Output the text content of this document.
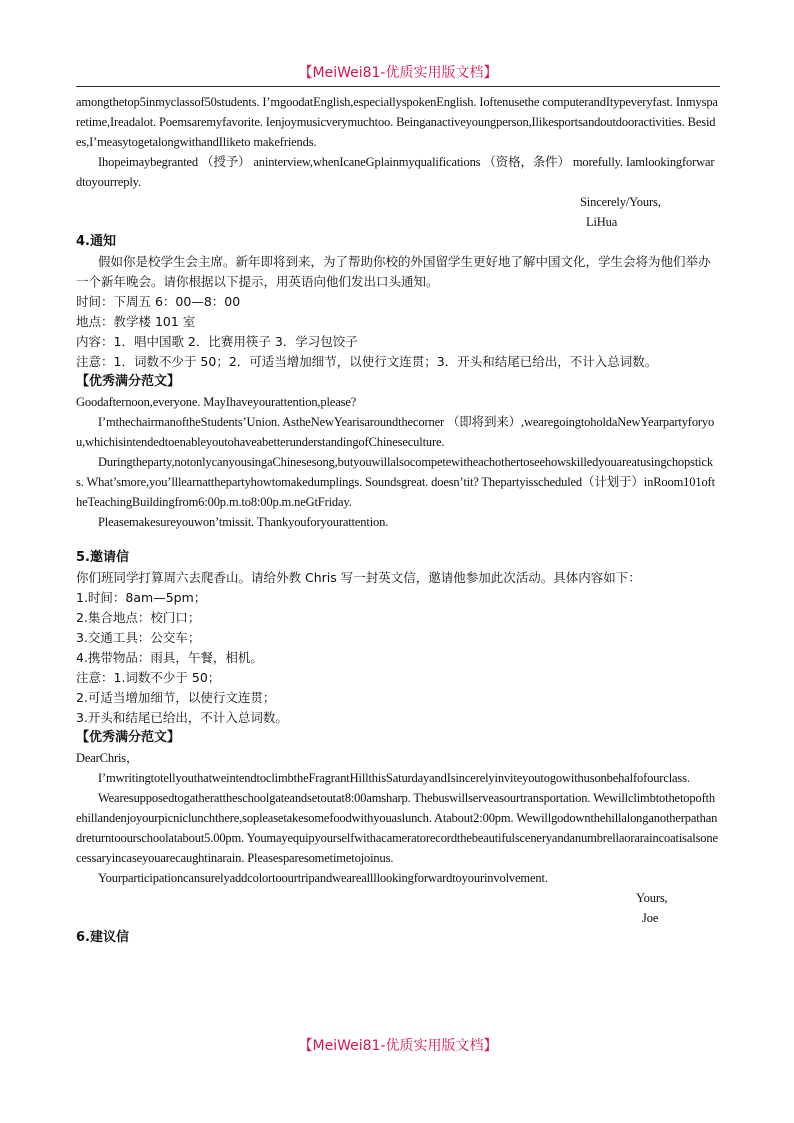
【MeiWei81-优质实用版文档】

amongthetop5inmyclassof50students. I’mgoodatEnglish,especiallyspokenEnglish. Ioftenusethe computerandItypeveryfast. Inmysparetime,Ireadalot. Poemsaremyfavorite. Ienjoymusicverymuchtoo. Beinganactiveyoungperson,Ilikesportsandoutdooractivities. Besides,I’measytogetalongwithandIliketo makefriends.

Ihopeimaybegranted （授予） aninterview,whenIcaneGplainmyqualifications （资格，条件） morefully. Iamlookingforwardtoyourreply.

Sincerely/Yours,

LiHua

4.通知

假如你是校学生会主席。新年即将到来，为了帮助你校的外国留学生更好地了解中国文化，学生会将为他们举办一个新年晚会。请你根据以下提示，用英语向他们发出口头通知。

时间：下周五 6：00—8：00

地点：教学楼 101 室

内容：1．唱中国歌 2．比赛用筷子 3．学习包饺子

注意：1．词数不少于 50；2．可适当增加细节，以使行文连贯；3．开头和结尾已给出，不计入总词数。

【优秀满分范文】

Goodafternoon,everyone. MayIhaveyourattention,please?

I’mthechairmanoftheStudents’Union. AstheNewYearisaroundthecorner （即将到来）,wearegoingtoholdaNewYearpartyforyou,whichisintendedtoenableyoutohaveabetterunderstandingofChineseculture.

Duringtheparty,notonlycanyousingaChinesesong,butyouwillalsocompetewitheachothertoseehowskilledyouareatusingchopsticks. What’smore,you’lllearnatthepartyhowtomakedumplings. Soundsgreat. doesn’tit? Thepartyisscheduled（计划于）inRoom101oftheTeachingBuildingfrom6:00p.m.to8:00p.m.neGtFriday.

Pleasemakesureyouwon’tmissit. Thankyouforyourattention.

5.邀请信

你们班同学打算周六去爬香山。请给外教 Chris 写一封英文信，邀请他参加此次活动。具体内容如下：

1.时间：8am—5pm；

2.集合地点：校门口；

3.交通工具：公交车；

4.携带物品：雨具，午餐，相机。

注意：1.词数不少于 50；

2.可适当增加细节，以使行文连贯；

3.开头和结尾已给出，不计入总词数。

【优秀满分范文】

DearChris，

I’mwritingtotellyouthatweintendtoclimbtheFragrantHillthisSaturdayandIsincerelyinviteyoutogowithusonbehalfofourclass.

Wearesupposedtogatherattheschoolgateandsetoutat8:00amsharp. Thebuswillserveasourtransportation. Wewillclimbtothetopofthehillandenjoyourpicniclunchthere,sopleasetakesomefoodwithyouaslunch. Atabout2:00pm. Wewillgodownthehillalonganotherpathandreturntoourschoolatabout5.00pm. Youmayequipyourselfwithacameratorecordthebeautifulsceneryandanumbrellaoraraincoatisalsonecessaryincaseyouarecaughtinarain. Pleasesparesometimetojoinus.

Yourparticipationcansurelyaddcolortoourtripandweareallllookingforwardtoyourinvolvement.

Yours,

Joe

6.建议信

【MeiWei81-优质实用版文档】
